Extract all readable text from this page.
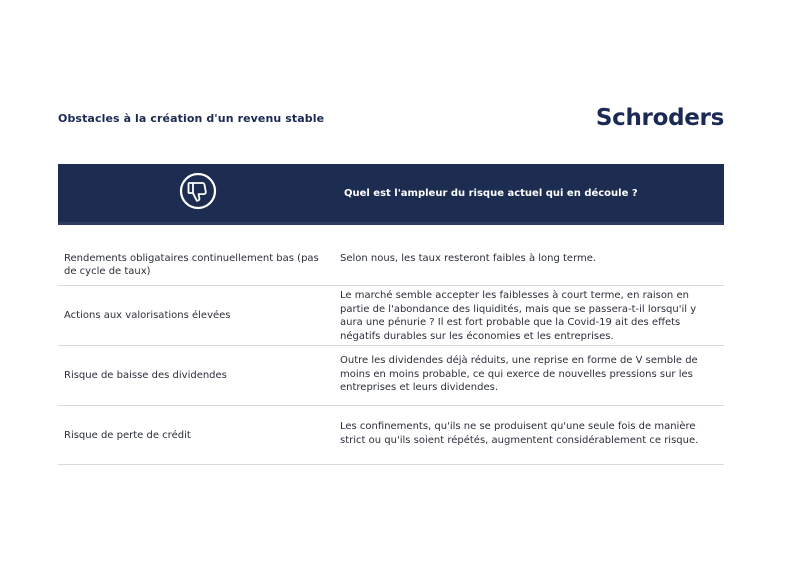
Obstacles à la création d'un revenu stable	Schroders
Quel est l'ampleur du risque actuel qui en découle ?
Rendements obligataires continuellement bas (pas de cycle de taux)
Selon nous, les taux resteront faibles à long terme.
Actions aux valorisations élevées
Le marché semble accepter les faiblesses à court terme, en raison en partie de l'abondance des liquidités, mais que se passera-t-il lorsqu'il y aura une pénurie ? Il est fort probable que la Covid-19 ait des effets négatifs durables sur les économies et les entreprises.
Risque de baisse des dividendes
Outre les dividendes déjà réduits, une reprise en forme de V semble de moins en moins probable, ce qui exerce de nouvelles pressions sur les entreprises et leurs dividendes.
Risque de perte de crédit
Les confinements, qu'ils ne se produisent qu'une seule fois de manière strict ou qu'ils soient répétés, augmentent considérablement ce risque.
